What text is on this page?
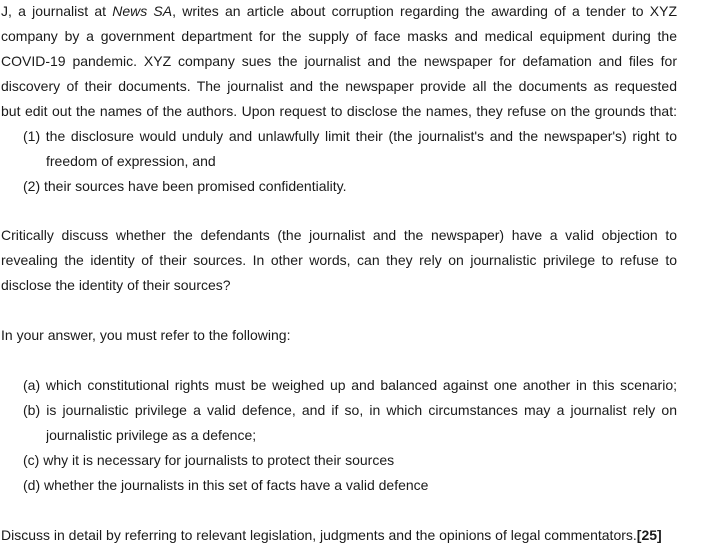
J, a journalist at News SA, writes an article about corruption regarding the awarding of a tender to XYZ
company by a government department for the supply of face masks and medical equipment during the
COVID-19 pandemic. XYZ company sues the journalist and the newspaper for defamation and files for
discovery of their documents. The journalist and the newspaper provide all the documents as requested
but edit out the names of the authors. Upon request to disclose the names, they refuse on the grounds that:
(1) the disclosure would unduly and unlawfully limit their (the journalist's and the newspaper's) right to
freedom of expression, and
(2) their sources have been promised confidentiality.
Critically discuss whether the defendants (the journalist and the newspaper) have a valid objection to
revealing the identity of their sources. In other words, can they rely on journalistic privilege to refuse to
disclose the identity of their sources?
In your answer, you must refer to the following:
(a) which constitutional rights must be weighed up and balanced against one another in this scenario;
(b) is journalistic privilege a valid defence, and if so, in which circumstances may a journalist rely on
journalistic privilege as a defence;
(c) why it is necessary for journalists to protect their sources
(d) whether the journalists in this set of facts have a valid defence
Discuss in detail by referring to relevant legislation, judgments and the opinions of legal commentators.[25]
